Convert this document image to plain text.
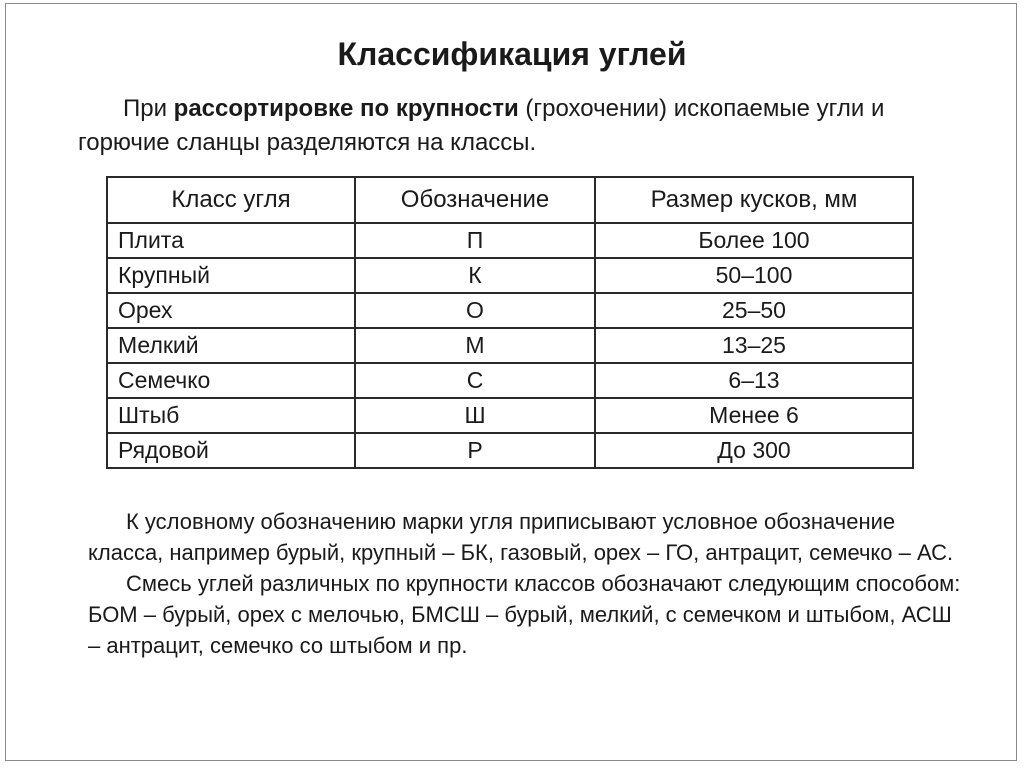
Классификация углей
При рассортировке по крупности (грохочении) ископаемые угли и горючие сланцы разделяются на классы.
Класс угля	Обозначение	Размер кусков, мм
Плита	П	Более 100
Крупный	К	50–100
Орех	О	25–50
Мелкий	М	13–25
Семечко	С	6–13
Штыб	Ш	Менее 6
Рядовой	Р	До 300

К условному обозначению марки угля приписывают условное обозначение класса, например бурый, крупный – БК, газовый, орех – ГО, антрацит, семечко – АС.

Смесь углей различных по крупности классов обозначают следующим способом: БОМ – бурый, орех с мелочью, БМСШ – бурый, мелкий, с семечком и штыбом, АСШ – антрацит, семечко со штыбом и пр.
